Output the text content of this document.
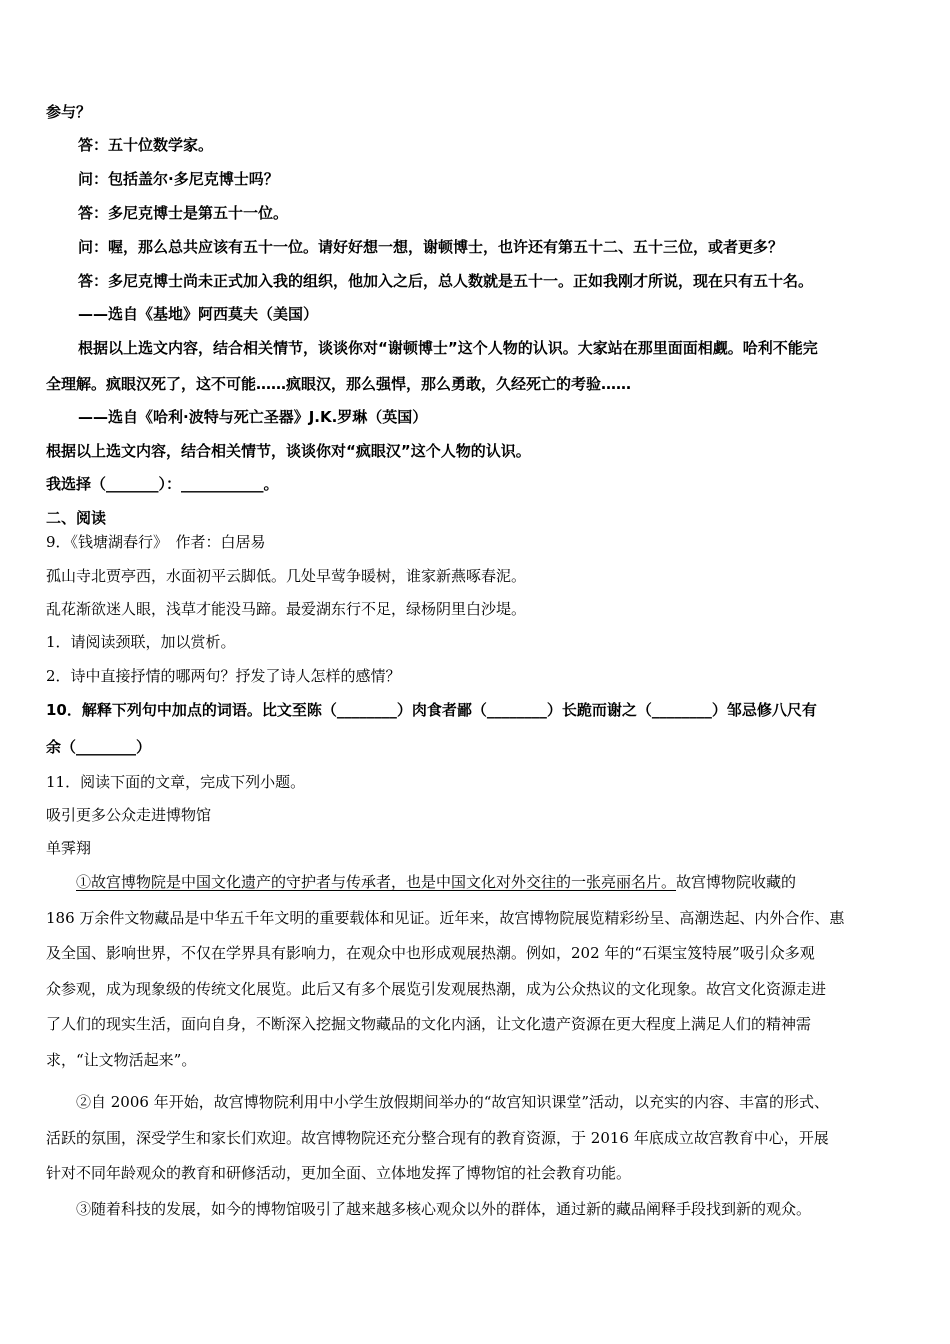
参与？
答：五十位数学家。
问：包括盖尔·多尼克博士吗？
答：多尼克博士是第五十一位。
问：喔，那么总共应该有五十一位。请好好想一想，谢顿博士，也许还有第五十二、五十三位，或者更多？
答：多尼克博士尚未正式加入我的组织，他加入之后，总人数就是五十一。正如我刚才所说，现在只有五十名。
——选自《基地》阿西莫夫（美国）
根据以上选文内容，结合相关情节，谈谈你对“谢顿博士”这个人物的认识。大家站在那里面面相觑。哈利不能完
全理解。疯眼汉死了，这不可能……疯眼汉，那么强悍，那么勇敢，久经死亡的考验……
——选自《哈利·波特与死亡圣器》J.K.罗琳（英国）
根据以上选文内容，结合相关情节，谈谈你对“疯眼汉”这个人物的认识。
我选择（_______）：___________。
二、阅读
9．《钱塘湖春行》　作者：白居易
孤山寺北贾亭西，水面初平云脚低。几处早莺争暖树，谁家新燕啄春泥。
乱花渐欲迷人眼，浅草才能没马蹄。最爱湖东行不足，绿杨阴里白沙堤。
1．请阅读颈联，加以赏析。
2．诗中直接抒情的哪两句？抒发了诗人怎样的感情？
10．解释下列句中加点的词语。比文至陈（________）肉食者鄙（________）长跪而谢之（________）邹忌修八尺有
余（________）
11．阅读下面的文章，完成下列小题。
吸引更多公众走进博物馆
单霁翔
①故宫博物院是中国文化遗产的守护者与传承者，也是中国文化对外交往的一张亮丽名片。故宫博物院收藏的
186 万余件文物藏品是中华五千年文明的重要载体和见证。近年来，故宫博物院展览精彩纷呈、高潮迭起、内外合作、惠
及全国、影响世界，不仅在学界具有影响力，在观众中也形成观展热潮。例如，202 年的“石渠宝笈特展”吸引众多观
众参观，成为现象级的传统文化展览。此后又有多个展览引发观展热潮，成为公众热议的文化现象。故宫文化资源走进
了人们的现实生活，面向自身，不断深入挖掘文物藏品的文化内涵，让文化遗产资源在更大程度上满足人们的精神需
求，“让文物活起来”。
②自 2006 年开始，故宫博物院利用中小学生放假期间举办的“故宫知识课堂”活动，以充实的内容、丰富的形式、
活跃的氛围，深受学生和家长们欢迎。故宫博物院还充分整合现有的教育资源，于 2016 年底成立故宫教育中心，开展
针对不同年龄观众的教育和研修活动，更加全面、立体地发挥了博物馆的社会教育功能。
③随着科技的发展，如今的博物馆吸引了越来越多核心观众以外的群体，通过新的藏品阐释手段找到新的观众。
